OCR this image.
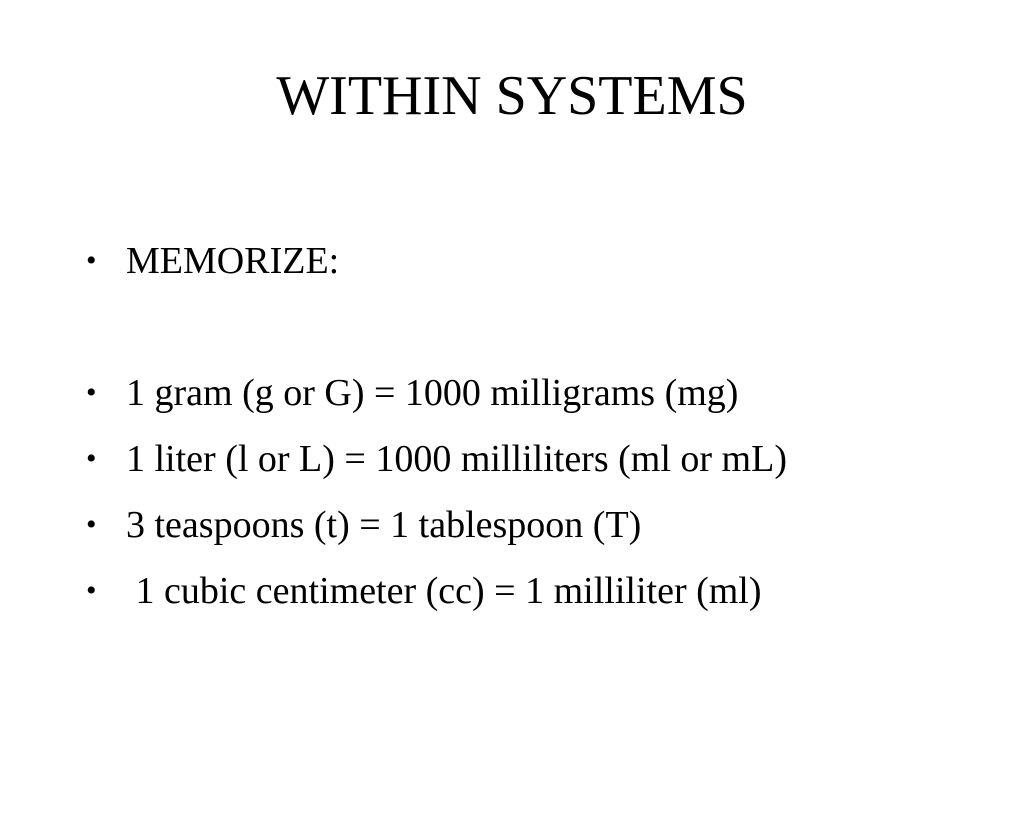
WITHIN SYSTEMS

•

MEMORIZE:

•

1 gram (g or G) = 1000 milligrams (mg)

•

1 liter (l or L) = 1000 milliliters (ml or mL)

•

3 teaspoons (t) = 1 tablespoon (T)

•

1 cubic centimeter (cc) = 1 milliliter (ml)
